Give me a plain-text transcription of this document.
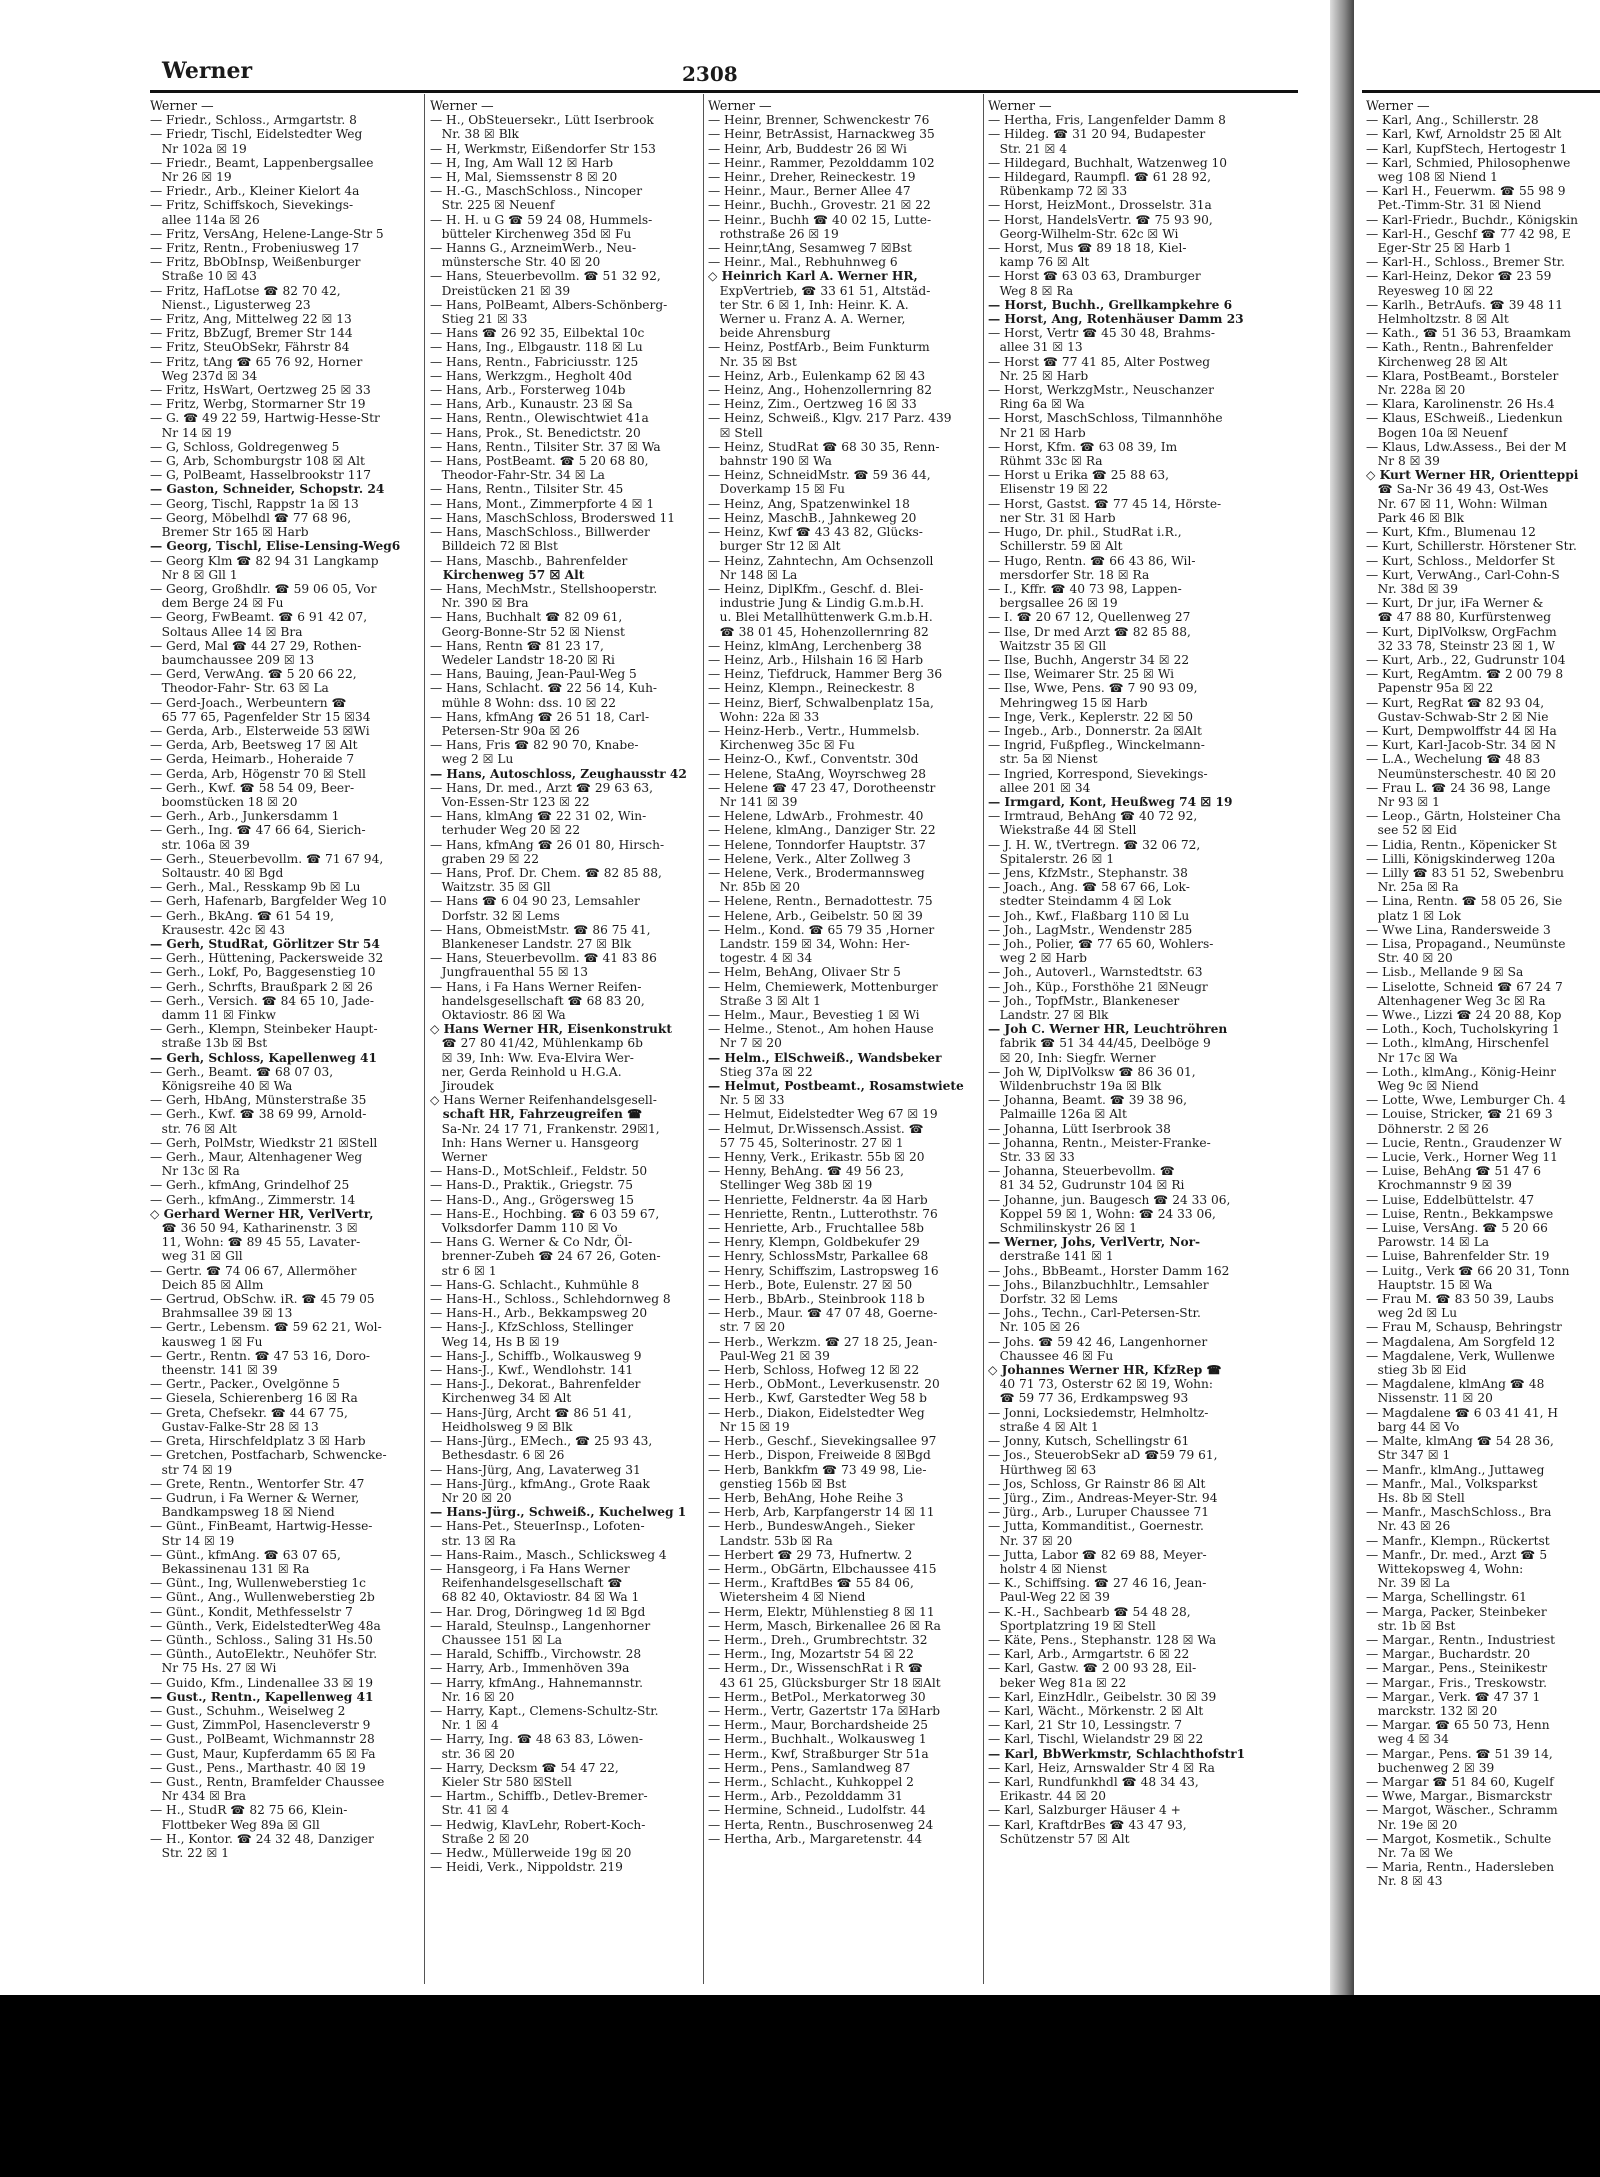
Werner	2308
Werner —
— Friedr., Schloss., Armgartstr. 8
— Friedr, Tischl, Eidelstedter Weg
Nr 102a ☒ 19
— Friedr., Beamt, Lappenbergsallee
Nr 26 ☒ 19
— Friedr., Arb., Kleiner Kielort 4a
— Fritz, Schiffskoch, Sievekings-
allee 114a ☒ 26
— Fritz, VersAng, Helene-Lange-Str 5
— Fritz, Rentn., Frobeniusweg 17
— Fritz, BbObInsp, Weißenburger
Straße 10 ☒ 43
— Fritz, HafLotse ☎ 82 70 42,
Nienst., Ligusterweg 23
— Fritz, Ang, Mittelweg 22 ☒ 13
— Fritz, BbZugf, Bremer Str 144
— Fritz, SteuObSekr, Fährstr 84
— Fritz, tAng ☎ 65 76 92, Horner
Weg 237d ☒ 34
— Fritz, HsWart, Oertzweg 25 ☒ 33
— Fritz, Werbg, Stormarner Str 19
— G. ☎ 49 22 59, Hartwig-Hesse-Str
Nr 14 ☒ 19
— G, Schloss, Goldregenweg 5
— G, Arb, Schomburgstr 108 ☒ Alt
— G, PolBeamt, Hasselbrookstr 117
— Gaston, Schneider, Schopstr. 24
— Georg, Tischl, Rappstr 1a ☒ 13
— Georg, Möbelhdl ☎ 77 68 96,
Bremer Str 165 ☒ Harb
— Georg, Tischl, Elise-Lensing-Weg6
— Georg Klm ☎ 82 94 31 Langkamp
Nr 8 ☒ Gll 1
— Georg, Großhdlr. ☎ 59 06 05, Vor
dem Berge 24 ☒ Fu
— Georg, FwBeamt. ☎ 6 91 42 07,
Soltaus Allee 14 ☒ Bra
— Gerd, Mal ☎ 44 27 29, Rothen-
baumchaussee 209 ☒ 13
— Gerd, VerwAng. ☎ 5 20 66 22,
Theodor-Fahr- Str. 63 ☒ La
— Gerd-Joach., Werbeuntern ☎
65 77 65, Pagenfelder Str 15 ☒34
— Gerda, Arb., Elsterweide 53 ☒Wi
— Gerda, Arb, Beetsweg 17 ☒ Alt
— Gerda, Heimarb., Hoheraide 7
— Gerda, Arb, Högenstr 70 ☒ Stell
— Gerh., Kwf. ☎ 58 54 09, Beer-
boomstücken 18 ☒ 20
— Gerh., Arb., Junkersdamm 1
— Gerh., Ing. ☎ 47 66 64, Sierich-
str. 106a ☒ 39
— Gerh., Steuerbevollm. ☎ 71 67 94,
Soltaustr. 40 ☒ Bgd
— Gerh., Mal., Resskamp 9b ☒ Lu
— Gerh, Hafenarb, Bargfelder Weg 10
— Gerh., BkAng. ☎ 61 54 19,
Krausestr. 42c ☒ 43
— Gerh, StudRat, Görlitzer Str 54
— Gerh., Hüttening, Packersweide 32
— Gerh., Lokf, Po, Baggesenstieg 10
— Gerh., Schrfts, Braußpark 2 ☒ 26
— Gerh., Versich. ☎ 84 65 10, Jade-
damm 11 ☒ Finkw
— Gerh., Klempn, Steinbeker Haupt-
straße 13b ☒ Bst
— Gerh, Schloss, Kapellenweg 41
— Gerh., Beamt. ☎ 68 07 03,
Königsreihe 40 ☒ Wa
— Gerh, HbAng, Münsterstraße 35
— Gerh., Kwf. ☎ 38 69 99, Arnold-
str. 76 ☒ Alt
— Gerh, PolMstr, Wiedkstr 21 ☒Stell
— Gerh., Maur, Altenhagener Weg
Nr 13c ☒ Ra
— Gerh., kfmAng, Grindelhof 25
— Gerh., kfmAng., Zimmerstr. 14
◇ Gerhard Werner HR, VerlVertr,
☎ 36 50 94, Katharinenstr. 3 ☒
11, Wohn: ☎ 89 45 55, Lavater-
weg 31 ☒ Gll
— Gertr. ☎ 74 06 67, Allermöher
Deich 85 ☒ Allm
— Gertrud, ObSchw. iR. ☎ 45 79 05
Brahmsallee 39 ☒ 13
— Gertr., Lebensm. ☎ 59 62 21, Wol-
kausweg 1 ☒ Fu
— Gertr., Rentn. ☎ 47 53 16, Doro-
theenstr. 141 ☒ 39
— Gertr., Packer., Ovelgönne 5
— Giesela, Schierenberg 16 ☒ Ra
— Greta, Chefsekr. ☎ 44 67 75,
Gustav-Falke-Str 28 ☒ 13
— Greta, Hirschfeldplatz 3 ☒ Harb
— Gretchen, Postfacharb, Schwencke-
str 74 ☒ 19
— Grete, Rentn., Wentorfer Str. 47
— Gudrun, i Fa Werner & Werner,
Bandkampsweg 18 ☒ Niend
— Günt., FinBeamt, Hartwig-Hesse-
Str 14 ☒ 19
— Günt., kfmAng. ☎ 63 07 65,
Bekassinenau 131 ☒ Ra
— Günt., Ing, Wullenweberstieg 1c
— Günt., Ang., Wullenweberstieg 2b
— Günt., Kondit, Methfesselstr 7
— Günth., Verk, EidelstedterWeg 48a
— Günth., Schloss., Saling 31 Hs.50
— Günth., AutoElektr., Neuhöfer Str.
Nr 75 Hs. 27 ☒ Wi
— Guido, Kfm., Lindenallee 33 ☒ 19
— Gust., Rentn., Kapellenweg 41
— Gust., Schuhm., Weiselweg 2
— Gust, ZimmPol, Hasencleverstr 9
— Gust., PolBeamt, Wichmannstr 28
— Gust, Maur, Kupferdamm 65 ☒ Fa
— Gust., Pens., Marthastr. 40 ☒ 19
— Gust., Rentn, Bramfelder Chaussee
Nr 434 ☒ Bra
— H., StudR ☎ 82 75 66, Klein-
Flottbeker Weg 89a ☒ Gll
— H., Kontor. ☎ 24 32 48, Danziger
Str. 22 ☒ 1
Werner —
— H., ObSteuersekr., Lütt Iserbrook
Nr. 38 ☒ Blk
— H, Werkmstr, Eißendorfer Str 153
— H, Ing, Am Wall 12 ☒ Harb
— H, Mal, Siemssenstr 8 ☒ 20
— H.-G., MaschSchloss., Nincoper
Str. 225 ☒ Neuenf
— H. H. u G ☎ 59 24 08, Hummels-
bütteler Kirchenweg 35d ☒ Fu
— Hanns G., ArzneimWerb., Neu-
münstersche Str. 40 ☒ 20
— Hans, Steuerbevollm. ☎ 51 32 92,
Dreistücken 21 ☒ 39
— Hans, PolBeamt, Albers-Schönberg-
Stieg 21 ☒ 33
— Hans ☎ 26 92 35, Eilbektal 10c
— Hans, Ing., Elbgaustr. 118 ☒ Lu
— Hans, Rentn., Fabriciusstr. 125
— Hans, Werkzgm., Hegholt 40d
— Hans, Arb., Forsterweg 104b
— Hans, Arb., Kunaustr. 23 ☒ Sa
— Hans, Rentn., Olewischtwiet 41a
— Hans, Prok., St. Benedictstr. 20
— Hans, Rentn., Tilsiter Str. 37 ☒ Wa
— Hans, PostBeamt. ☎ 5 20 68 80,
Theodor-Fahr-Str. 34 ☒ La
— Hans, Rentn., Tilsiter Str. 45
— Hans, Mont., Zimmerpforte 4 ☒ 1
— Hans, MaschSchloss, Broderswed 11
— Hans, MaschSchloss., Billwerder
Billdeich 72 ☒ Blst
— Hans, Maschb., Bahrenfelder
Kirchenweg 57 ☒ Alt
— Hans, MechMstr., Stellshooperstr.
Nr. 390 ☒ Bra
— Hans, Buchhalt ☎ 82 09 61,
Georg-Bonne-Str 52 ☒ Nienst
— Hans, Rentn ☎ 81 23 17,
Wedeler Landstr 18-20 ☒ Ri
— Hans, Bauing, Jean-Paul-Weg 5
— Hans, Schlacht. ☎ 22 56 14, Kuh-
mühle 8 Wohn: dss. 10 ☒ 22
— Hans, kfmAng ☎ 26 51 18, Carl-
Petersen-Str 90a ☒ 26
— Hans, Fris ☎ 82 90 70, Knabe-
weg 2 ☒ Lu
— Hans, Autoschloss, Zeughausstr 42
— Hans, Dr. med., Arzt ☎ 29 63 63,
Von-Essen-Str 123 ☒ 22
— Hans, klmAng ☎ 22 31 02, Win-
terhuder Weg 20 ☒ 22
— Hans, kfmAng ☎ 26 01 80, Hirsch-
graben 29 ☒ 22
— Hans, Prof. Dr. Chem. ☎ 82 85 88,
Waitzstr. 35 ☒ Gll
— Hans ☎ 6 04 90 23, Lemsahler
Dorfstr. 32 ☒ Lems
— Hans, ObmeistMstr. ☎ 86 75 41,
Blankeneser Landstr. 27 ☒ Blk
— Hans, Steuerbevollm. ☎ 41 83 86
Jungfrauenthal 55 ☒ 13
— Hans, i Fa Hans Werner Reifen-
handelsgesellschaft ☎ 68 83 20,
Oktaviostr. 86 ☒ Wa
◇ Hans Werner HR, Eisenkonstrukt
☎ 27 80 41/42, Mühlenkamp 6b
☒ 39, Inh: Ww. Eva-Elvira Wer-
ner, Gerda Reinhold u H.G.A.
Jiroudek
◇ Hans Werner Reifenhandelsgesell-
schaft HR, Fahrzeugreifen ☎
Sa-Nr. 24 17 71, Frankenstr. 29☒1,
Inh: Hans Werner u. Hansgeorg
Werner
— Hans-D., MotSchleif., Feldstr. 50
— Hans-D., Praktik., Griegstr. 75
— Hans-D., Ang., Grögersweg 15
— Hans-E., Hochbing. ☎ 6 03 59 67,
Volksdorfer Damm 110 ☒ Vo
— Hans G. Werner & Co Ndr, Öl-
brenner-Zubeh ☎ 24 67 26, Goten-
str 6 ☒ 1
— Hans-G. Schlacht., Kuhmühle 8
— Hans-H., Schloss., Schlehdornweg 8
— Hans-H., Arb., Bekkampsweg 20
— Hans-J., KfzSchloss, Stellinger
Weg 14, Hs B ☒ 19
— Hans-J., Schiffb., Wolkausweg 9
— Hans-J., Kwf., Wendlohstr. 141
— Hans-J., Dekorat., Bahrenfelder
Kirchenweg 34 ☒ Alt
— Hans-Jürg, Archt ☎ 86 51 41,
Heidholsweg 9 ☒ Blk
— Hans-Jürg., EMech., ☎ 25 93 43,
Bethesdastr. 6 ☒ 26
— Hans-Jürg, Ang, Lavaterweg 31
— Hans-Jürg., kfmAng., Grote Raak
Nr 20 ☒ 20
— Hans-Jürg., Schweiß., Kuchelweg 1
— Hans-Pet., SteuerInsp., Lofoten-
str. 13 ☒ Ra
— Hans-Raim., Masch., Schlicksweg 4
— Hansgeorg, i Fa Hans Werner
Reifenhandelsgesellschaft ☎
68 82 40, Oktaviostr. 84 ☒ Wa 1
— Har. Drog, Döringweg 1d ☒ Bgd
— Harald, Steulnsp., Langenhorner
Chaussee 151 ☒ La
— Harald, Schiffb., Virchowstr. 28
— Harry, Arb., Immenhöven 39a
— Harry, kfmAng., Hahnemannstr.
Nr. 16 ☒ 20
— Harry, Kapt., Clemens-Schultz-Str.
Nr. 1 ☒ 4
— Harry, Ing. ☎ 48 63 83, Löwen-
str. 36 ☒ 20
— Harry, Decksm ☎ 54 47 22,
Kieler Str 580 ☒Stell
— Hartm., Schiffb., Detlev-Bremer-
Str. 41 ☒ 4
— Hedwig, KlavLehr, Robert-Koch-
Straße 2 ☒ 20
— Hedw., Müllerweide 19g ☒ 20
— Heidi, Verk., Nippoldstr. 219
Werner —
— Heinr, Brenner, Schwenckestr 76
— Heinr, BetrAssist, Harnackweg 35
— Heinr, Arb, Buddestr 26 ☒ Wi
— Heinr., Rammer, Pezolddamm 102
— Heinr., Dreher, Reineckestr. 19
— Heinr., Maur., Berner Allee 47
— Heinr., Buchh., Grovestr. 21 ☒ 22
— Heinr., Buchh ☎ 40 02 15, Lutte-
rothstraße 26 ☒ 19
— Heinr,tAng, Sesamweg 7 ☒Bst
— Heinr., Mal., Rebhuhnweg 6
◇ Heinrich Karl A. Werner HR,
ExpVertrieb, ☎ 33 61 51, Altstäd-
ter Str. 6 ☒ 1, Inh: Heinr. K. A.
Werner u. Franz A. A. Werner,
beide Ahrensburg
— Heinz, PostfArb., Beim Funkturm
Nr. 35 ☒ Bst
— Heinz, Arb., Eulenkamp 62 ☒ 43
— Heinz, Ang., Hohenzollernring 82
— Heinz, Zim., Oertzweg 16 ☒ 33
— Heinz, Schweiß., Klgv. 217 Parz. 439
☒ Stell
— Heinz, StudRat ☎ 68 30 35, Renn-
bahnstr 190 ☒ Wa
— Heinz, SchneidMstr. ☎ 59 36 44,
Doverkamp 15 ☒ Fu
— Heinz, Ang, Spatzenwinkel 18
— Heinz, MaschB., Jahnkeweg 20
— Heinz, Kwf ☎ 43 43 82, Glücks-
burger Str 12 ☒ Alt
— Heinz, Zahntechn, Am Ochsenzoll
Nr 148 ☒ La
— Heinz, DiplKfm., Geschf. d. Blei-
industrie Jung & Lindig G.m.b.H.
u. Blei Metallhüttenwerk G.m.b.H.
☎ 38 01 45, Hohenzollernring 82
— Heinz, klmAng, Lerchenberg 38
— Heinz, Arb., Hilshain 16 ☒ Harb
— Heinz, Tiefdruck, Hammer Berg 36
— Heinz, Klempn., Reineckestr. 8
— Heinz, Bierf, Schwalbenplatz 15a,
Wohn: 22a ☒ 33
— Heinz-Herb., Vertr., Hummelsb.
Kirchenweg 35c ☒ Fu
— Heinz-O., Kwf., Conventstr. 30d
— Helene, StaAng, Woyrschweg 28
— Helene ☎ 47 23 47, Dorotheenstr
Nr 141 ☒ 39
— Helene, LdwArb., Frohmestr. 40
— Helene, klmAng., Danziger Str. 22
— Helene, Tonndorfer Hauptstr. 37
— Helene, Verk., Alter Zollweg 3
— Helene, Verk., Brodermannsweg
Nr. 85b ☒ 20
— Helene, Rentn., Bernadottestr. 75
— Helene, Arb., Geibelstr. 50 ☒ 39
— Helm., Kond. ☎ 65 79 35 ,Horner
Landstr. 159 ☒ 34, Wohn: Her-
togestr. 4 ☒ 34
— Helm, BehAng, Olivaer Str 5
— Helm, Chemiewerk, Mottenburger
Straße 3 ☒ Alt 1
— Helm., Maur., Bevestieg 1 ☒ Wi
— Helme., Stenot., Am hohen Hause
Nr 7 ☒ 20
— Helm., ElSchweiß., Wandsbeker
Stieg 37a ☒ 22
— Helmut, Postbeamt., Rosamstwiete
Nr. 5 ☒ 33
— Helmut, Eidelstedter Weg 67 ☒ 19
— Helmut, Dr.Wissensch.Assist. ☎
57 75 45, Solterinostr. 27 ☒ 1
— Henny, Verk., Erikastr. 55b ☒ 20
— Henny, BehAng. ☎ 49 56 23,
Stellinger Weg 38b ☒ 19
— Henriette, Feldnerstr. 4a ☒ Harb
— Henriette, Rentn., Lutterothstr. 76
— Henriette, Arb., Fruchtallee 58b
— Henry, Klempn, Goldbekufer 29
— Henry, SchlossMstr, Parkallee 68
— Henry, Schiffszim, Lastropsweg 16
— Herb., Bote, Eulenstr. 27 ☒ 50
— Herb., BbArb., Steinbrook 118 b
— Herb., Maur. ☎ 47 07 48, Goerne-
str. 7 ☒ 20
— Herb., Werkzm. ☎ 27 18 25, Jean-
Paul-Weg 21 ☒ 39
— Herb, Schloss, Hofweg 12 ☒ 22
— Herb., ObMont., Leverkusenstr. 20
— Herb., Kwf, Garstedter Weg 58 b
— Herb., Diakon, Eidelstedter Weg
Nr 15 ☒ 19
— Herb., Geschf., Sievekingsallee 97
— Herb., Dispon, Freiweide 8 ☒Bgd
— Herb, Bankkfm ☎ 73 49 98, Lie-
genstieg 156b ☒ Bst
— Herb, BehAng, Hohe Reihe 3
— Herb, Arb, Karpfangerstr 14 ☒ 11
— Herb., BundeswAngeh., Sieker
Landstr. 53b ☒ Ra
— Herbert ☎ 29 73, Hufnertw. 2
— Herm., ObGärtn, Elbchaussee 415
— Herm., KraftdBes ☎ 55 84 06,
Wietersheim 4 ☒ Niend
— Herm, Elektr, Mühlenstieg 8 ☒ 11
— Herm, Masch, Birkenallee 26 ☒ Ra
— Herm., Dreh., Grumbrechtstr. 32
— Herm., Ing, Mozartstr 54 ☒ 22
— Herm., Dr., WissenschRat i R ☎
43 61 25, Glücksburger Str 18 ☒Alt
— Herm., BetPol., Merkatorweg 30
— Herm., Vertr, Gazertstr 17a ☒Harb
— Herm., Maur, Borchardsheide 25
— Herm., Buchhalt., Wolkausweg 1
— Herm., Kwf, Straßburger Str 51a
— Herm., Pens., Samlandweg 87
— Herm., Schlacht., Kuhkoppel 2
— Herm., Arb., Pezolddamm 31
— Hermine, Schneid., Ludolfstr. 44
— Herta, Rentn., Buschrosenweg 24
— Hertha, Arb., Margaretenstr. 44
Werner —
— Hertha, Fris, Langenfelder Damm 8
— Hildeg. ☎ 31 20 94, Budapester
Str. 21 ☒ 4
— Hildegard, Buchhalt, Watzenweg 10
— Hildegard, Raumpfl. ☎ 61 28 92,
Rübenkamp 72 ☒ 33
— Horst, HeizMont., Drosselstr. 31a
— Horst, HandelsVertr. ☎ 75 93 90,
Georg-Wilhelm-Str. 62c ☒ Wi
— Horst, Mus ☎ 89 18 18, Kiel-
kamp 76 ☒ Alt
— Horst ☎ 63 03 63, Dramburger
Weg 8 ☒ Ra
— Horst, Buchh., Grellkampkehre 6
— Horst, Ang, Rotenhäuser Damm 23
— Horst, Vertr ☎ 45 30 48, Brahms-
allee 31 ☒ 13
— Horst ☎ 77 41 85, Alter Postweg
Nr. 25 ☒ Harb
— Horst, WerkzgMstr., Neuschanzer
Ring 6a ☒ Wa
— Horst, MaschSchloss, Tilmannhöhe
Nr 21 ☒ Harb
— Horst, Kfm. ☎ 63 08 39, Im
Rühmt 33c ☒ Ra
— Horst u Erika ☎ 25 88 63,
Elisenstr 19 ☒ 22
— Horst, Gastst. ☎ 77 45 14, Hörste-
ner Str. 31 ☒ Harb
— Hugo, Dr. phil., StudRat i.R.,
Schillerstr. 59 ☒ Alt
— Hugo, Rentn. ☎ 66 43 86, Wil-
mersdorfer Str. 18 ☒ Ra
— I., Kffr. ☎ 40 73 98, Lappen-
bergsallee 26 ☒ 19
— I. ☎ 20 67 12, Quellenweg 27
— Ilse, Dr med Arzt ☎ 82 85 88,
Waitzstr 35 ☒ Gll
— Ilse, Buchh, Angerstr 34 ☒ 22
— Ilse, Weimarer Str. 25 ☒ Wi
— Ilse, Wwe, Pens. ☎ 7 90 93 09,
Mehringweg 15 ☒ Harb
— Inge, Verk., Keplerstr. 22 ☒ 50
— Ingeb., Arb., Donnerstr. 2a ☒Alt
— Ingrid, Fußpfleg., Winckelmann-
str. 5a ☒ Nienst
— Ingried, Korrespond, Sievekings-
allee 201 ☒ 34
— Irmgard, Kont, Heußweg 74 ☒ 19
— Irmtraud, BehAng ☎ 40 72 92,
Wiekstraße 44 ☒ Stell
— J. H. W., tVertregn. ☎ 32 06 72,
Spitalerstr. 26 ☒ 1
— Jens, KfzMstr., Stephanstr. 38
— Joach., Ang. ☎ 58 67 66, Lok-
stedter Steindamm 4 ☒ Lok
— Joh., Kwf., Flaßbarg 110 ☒ Lu
— Joh., LagMstr., Wendenstr 285
— Joh., Polier, ☎ 77 65 60, Wohlers-
weg 2 ☒ Harb
— Joh., Autoverl., Warnstedtstr. 63
— Joh., Küp., Forsthöhe 21 ☒Neugr
— Joh., TopfMstr., Blankeneser
Landstr. 27 ☒ Blk
— Joh C. Werner HR, Leuchtröhren
fabrik ☎ 51 34 44/45, Deelböge 9
☒ 20, Inh: Siegfr. Werner
— Joh W, DiplVolksw ☎ 86 36 01,
Wildenbruchstr 19a ☒ Blk
— Johanna, Beamt. ☎ 39 38 96,
Palmaille 126a ☒ Alt
— Johanna, Lütt Iserbrook 38
— Johanna, Rentn., Meister-Franke-
Str. 33 ☒ 33
— Johanna, Steuerbevollm. ☎
81 34 52, Gudrunstr 104 ☒ Ri
— Johanne, jun. Baugesch ☎ 24 33 06,
Koppel 59 ☒ 1, Wohn: ☎ 24 33 06,
Schmilinskystr 26 ☒ 1
— Werner, Johs, VerlVertr, Nor-
derstraße 141 ☒ 1
— Johs., BbBeamt., Horster Damm 162
— Johs., Bilanzbuchhltr., Lemsahler
Dorfstr. 32 ☒ Lems
— Johs., Techn., Carl-Petersen-Str.
Nr. 105 ☒ 26
— Johs. ☎ 59 42 46, Langenhorner
Chaussee 46 ☒ Fu
◇ Johannes Werner HR, KfzRep ☎
40 71 73, Osterstr 62 ☒ 19, Wohn:
☎ 59 77 36, Erdkampsweg 93
— Jonni, Locksiedemstr, Helmholtz-
straße 4 ☒ Alt 1
— Jonny, Kutsch, Schellingstr 61
— Jos., SteuerobSekr aD ☎59 79 61,
Hürthweg ☒ 63
— Jos, Schloss, Gr Rainstr 86 ☒ Alt
— Jürg., Zim., Andreas-Meyer-Str. 94
— Jürg., Arb., Luruper Chaussee 71
— Jutta, Kommanditist., Goernestr.
Nr. 37 ☒ 20
— Jutta, Labor ☎ 82 69 88, Meyer-
holstr 4 ☒ Nienst
— K., Schiffsing. ☎ 27 46 16, Jean-
Paul-Weg 22 ☒ 39
— K.-H., Sachbearb ☎ 54 48 28,
Sportplatzring 19 ☒ Stell
— Käte, Pens., Stephanstr. 128 ☒ Wa
— Karl, Arb., Armgartstr. 6 ☒ 22
— Karl, Gastw. ☎ 2 00 93 28, Eil-
beker Weg 81a ☒ 22
— Karl, EinzHdlr., Geibelstr. 30 ☒ 39
— Karl, Wächt., Mörkenstr. 2 ☒ Alt
— Karl, 21 Str 10, Lessingstr. 7
— Karl, Tischl, Wielandstr 29 ☒ 22
— Karl, BbWerkmstr, Schlachthofstr1
— Karl, Heiz, Arnswalder Str 4 ☒ Ra
— Karl, Rundfunkhdl ☎ 48 34 43,
Erikastr. 44 ☒ 20
— Karl, Salzburger Häuser 4 +
— Karl, KraftdrBes ☎ 43 47 93,
Schützenstr 57 ☒ Alt
Werner —
— Karl, Ang., Schillerstr. 28
— Karl, Kwf, Arnoldstr 25 ☒ Alt
— Karl, KupfStech, Hertogestr 1
— Karl, Schmied, Philosophenwe
weg 108 ☒ Niend 1
— Karl H., Feuerwm. ☎ 55 98 9
Pet.-Timm-Str. 31 ☒ Niend
— Karl-Friedr., Buchdr., Königskin
— Karl-H., Geschf ☎ 77 42 98, E
Eger-Str 25 ☒ Harb 1
— Karl-H., Schloss., Bremer Str.
— Karl-Heinz, Dekor ☎ 23 59
Reyesweg 10 ☒ 22
— Karlh., BetrAufs. ☎ 39 48 11
Helmholtzstr. 8 ☒ Alt
— Kath., ☎ 51 36 53, Braamkam
— Kath., Rentn., Bahrenfelder
Kirchenweg 28 ☒ Alt
— Klara, PostBeamt., Borsteler
Nr. 228a ☒ 20
— Klara, Karolinenstr. 26 Hs.4
— Klaus, ESchweiß., Liedenkun
Bogen 10a ☒ Neuenf
— Klaus, Ldw.Assess., Bei der M
Nr 8 ☒ 39
◇ Kurt Werner HR, Orientteppi
☎ Sa-Nr 36 49 43, Ost-Wes
Nr. 67 ☒ 11, Wohn: Wilman
Park 46 ☒ Blk
— Kurt, Kfm., Blumenau 12
— Kurt, Schillerstr. Hörstener Str.
— Kurt, Schloss., Meldorfer St
— Kurt, VerwAng., Carl-Cohn-S
Nr. 38d ☒ 39
— Kurt, Dr jur, iFa Werner &
☎ 47 88 80, Kurfürstenweg
— Kurt, DiplVolksw, OrgFachm
32 33 78, Steinstr 23 ☒ 1, W
— Kurt, Arb., 22, Gudrunstr 104
— Kurt, RegAmtm. ☎ 2 00 79 8
Papenstr 95a ☒ 22
— Kurt, RegRat ☎ 82 93 04,
Gustav-Schwab-Str 2 ☒ Nie
— Kurt, Dempwolffstr 44 ☒ Ha
— Kurt, Karl-Jacob-Str. 34 ☒ N
— L.A., Wechelung ☎ 48 83
Neumünsterschestr. 40 ☒ 20
— Frau L. ☎ 24 36 98, Lange
Nr 93 ☒ 1
— Leop., Gärtn, Holsteiner Cha
see 52 ☒ Eid
— Lidia, Rentn., Köpenicker St
— Lilli, Königskinderweg 120a
— Lilly ☎ 83 51 52, Swebenbru
Nr. 25a ☒ Ra
— Lina, Rentn. ☎ 58 05 26, Sie
platz 1 ☒ Lok
— Wwe Lina, Randersweide 3
— Lisa, Propagand., Neumünste
Str. 40 ☒ 20
— Lisb., Mellande 9 ☒ Sa
— Liselotte, Schneid ☎ 67 24 7
Altenhagener Weg 3c ☒ Ra
— Wwe., Lizzi ☎ 24 20 88, Kop
— Loth., Koch, Tucholskyring 1
— Loth., klmAng, Hirschenfel
Nr 17c ☒ Wa
— Loth., klmAng., König-Heinr
Weg 9c ☒ Niend
— Lotte, Wwe, Lemburger Ch. 4
— Louise, Stricker, ☎ 21 69 3
Döhnerstr. 2 ☒ 26
— Lucie, Rentn., Graudenzer W
— Lucie, Verk., Horner Weg 11
— Luise, BehAng ☎ 51 47 6
Krochmannstr 9 ☒ 39
— Luise, Eddelbüttelstr. 47
— Luise, Rentn., Bekkampswe
— Luise, VersAng. ☎ 5 20 66
Parowstr. 14 ☒ La
— Luise, Bahrenfelder Str. 19
— Luitg., Verk ☎ 66 20 31, Tonn
Hauptstr. 15 ☒ Wa
— Frau M. ☎ 83 50 39, Laubs
weg 2d ☒ Lu
— Frau M, Schausp, Behringstr
— Magdalena, Am Sorgfeld 12
— Magdalene, Verk, Wullenwe
stieg 3b ☒ Eid
— Magdalene, klmAng ☎ 48
Nissenstr. 11 ☒ 20
— Magdalene ☎ 6 03 41 41, H
barg 44 ☒ Vo
— Malte, klmAng ☎ 54 28 36,
Str 347 ☒ 1
— Manfr., klmAng., Juttaweg
— Manfr., Mal., Volksparkst
Hs. 8b ☒ Stell
— Manfr., MaschSchloss., Bra
Nr. 43 ☒ 26
— Manfr., Klempn., Rückertst
— Manfr., Dr. med., Arzt ☎ 5
Wittekopsweg 4, Wohn:
Nr. 39 ☒ La
— Marga, Schellingstr. 61
— Marga, Packer, Steinbeker
str. 1b ☒ Bst
— Margar., Rentn., Industriest
— Margar., Buchardstr. 20
— Margar., Pens., Steinikestr
— Margar., Fris., Treskowstr.
— Margar., Verk. ☎ 47 37 1
marckstr. 132 ☒ 20
— Margar. ☎ 65 50 73, Henn
weg 4 ☒ 34
— Margar., Pens. ☎ 51 39 14,
buchenweg 2 ☒ 39
— Margar ☎ 51 84 60, Kugelf
— Wwe, Margar., Bismarckstr
— Margot, Wäscher., Schramm
Nr. 19e ☒ 20
— Margot, Kosmetik., Schulte
Nr. 7a ☒ We
— Maria, Rentn., Hadersleben
Nr. 8 ☒ 43
